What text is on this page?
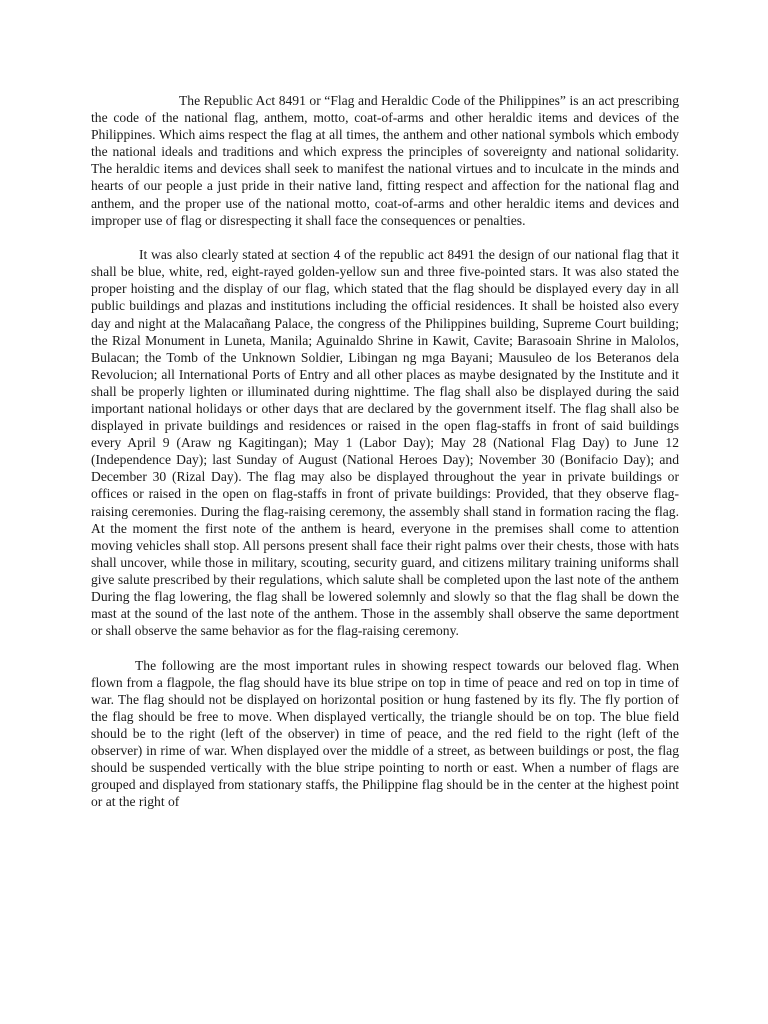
The Republic Act 8491 or “Flag and Heraldic Code of the Philippines” is an act prescribing the code of the national flag, anthem, motto, coat-of-arms and other heraldic items and devices of the Philippines. Which aims respect the flag at all times, the anthem and other national symbols which embody the national ideals and traditions and which express the principles of sovereignty and national solidarity. The heraldic items and devices shall seek to manifest the national virtues and to inculcate in the minds and hearts of our people a just pride in their native land, fitting respect and affection for the national flag and anthem, and the proper use of the national motto, coat-of-arms and other heraldic items and devices and improper use of flag or disrespecting it shall face the consequences or penalties.

It was also clearly stated at section 4 of the republic act 8491 the design of our national flag that it shall be blue, white, red, eight-rayed golden-yellow sun and three five-pointed stars. It was also stated the proper hoisting and the display of our flag, which stated that the flag should be displayed every day in all public buildings and plazas and institutions including the official residences. It shall be hoisted also every day and night at the Malacañang Palace, the congress of the Philippines building, Supreme Court building; the Rizal Monument in Luneta, Manila; Aguinaldo Shrine in Kawit, Cavite; Barasoain Shrine in Malolos, Bulacan; the Tomb of the Unknown Soldier, Libingan ng mga Bayani; Mausuleo de los Beteranos dela Revolucion; all International Ports of Entry and all other places as maybe designated by the Institute and it shall be properly lighten or illuminated during nighttime. The flag shall also be displayed during the said important national holidays or other days that are declared by the government itself. The flag shall also be displayed in private buildings and residences or raised in the open flag-staffs in front of said buildings every April 9 (Araw ng Kagitingan); May 1 (Labor Day); May 28 (National Flag Day) to June 12 (Independence Day); last Sunday of August (National Heroes Day); November 30 (Bonifacio Day); and December 30 (Rizal Day). The flag may also be displayed throughout the year in private buildings or offices or raised in the open on flag-staffs in front of private buildings: Provided, that they observe flag-raising ceremonies. During the flag-raising ceremony, the assembly shall stand in formation racing the flag. At the moment the first note of the anthem is heard, everyone in the premises shall come to attention moving vehicles shall stop. All persons present shall face their right palms over their chests, those with hats shall uncover, while those in military, scouting, security guard, and citizens military training uniforms shall give salute prescribed by their regulations, which salute shall be completed upon the last note of the anthem During the flag lowering, the flag shall be lowered solemnly and slowly so that the flag shall be down the mast at the sound of the last note of the anthem. Those in the assembly shall observe the same deportment or shall observe the same behavior as for the flag-raising ceremony.

The following are the most important rules in showing respect towards our beloved flag. When flown from a flagpole, the flag should have its blue stripe on top in time of peace and red on top in time of war. The flag should not be displayed on horizontal position or hung fastened by its fly. The fly portion of the flag should be free to move. When displayed vertically, the triangle should be on top. The blue field should be to the right (left of the observer) in time of peace, and the red field to the right (left of the observer) in rime of war. When displayed over the middle of a street, as between buildings or post, the flag should be suspended vertically with the blue stripe pointing to north or east. When a number of flags are grouped and displayed from stationary staffs, the Philippine flag should be in the center at the highest point or at the right of
